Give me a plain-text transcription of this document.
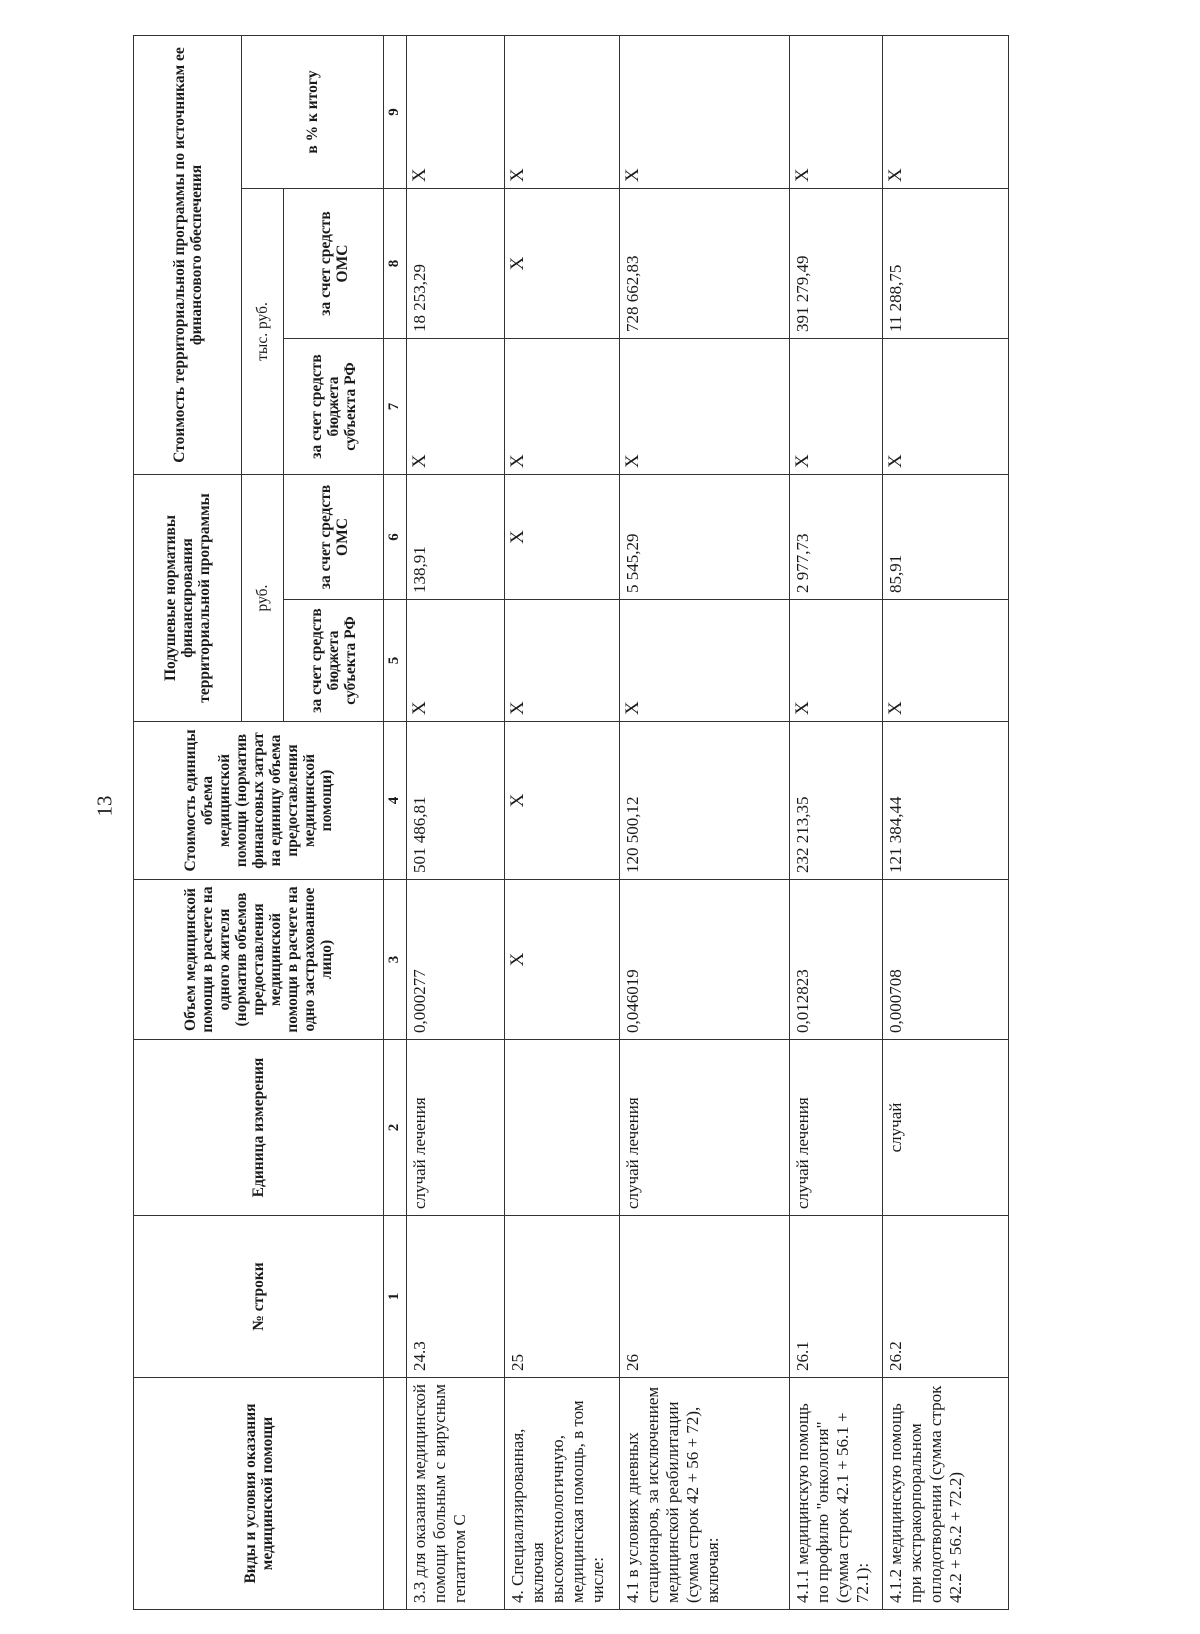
13
Виды и условия оказания медицинской помощи	№ строки	Единица измерения	Объем медицинской помощи в расчете на одного жителя (норматив объемов предоставления медицинской помощи в расчете на одно застрахованное лицо)	Стоимость единицы объема медицинской помощи (норматив финансовых затрат на единицу объема предоставления медицинской помощи)	Подушевые нормативы финансирования территориальной программы		Стоимость территориальной программы по источникам ее финансового обеспечения		
					руб.		тыс. руб.		в % к итогу
					за счет средств бюджета субъекта РФ	за счет средств ОМС	за счет средств бюджета субъекта РФ	за счет средств ОМС	
	1	2	3	4	5	6	7	8	9
3.3 для оказания медицинской помощи больным с вирусным гепатитом С	24.3	случай лечения	0,000277	501 486,81	X	138,91	X	18 253,29	X
4. Специализированная, включая высокотехнологичную, медицинская помощь, в том числе:	25		X	X	X	X	X	X	X
4.1 в условиях дневных стационаров, за исключением медицинской реабилитации (сумма строк 42 + 56 + 72), включая:	26	случай лечения	0,046019	120 500,12	X	5 545,29	X	728 662,83	X
4.1.1 медицинскую помощь по профилю "онкология" (сумма строк 42.1 + 56.1 + 72.1):	26.1	случай лечения	0,012823	232 213,35	X	2 977,73	X	391 279,49	X
4.1.2 медицинскую помощь при экстракорпоральном оплодотворении (сумма строк 42.2 + 56.2 + 72.2)	26.2	случай	0,000708	121 384,44	X	85,91	X	11 288,75	X
